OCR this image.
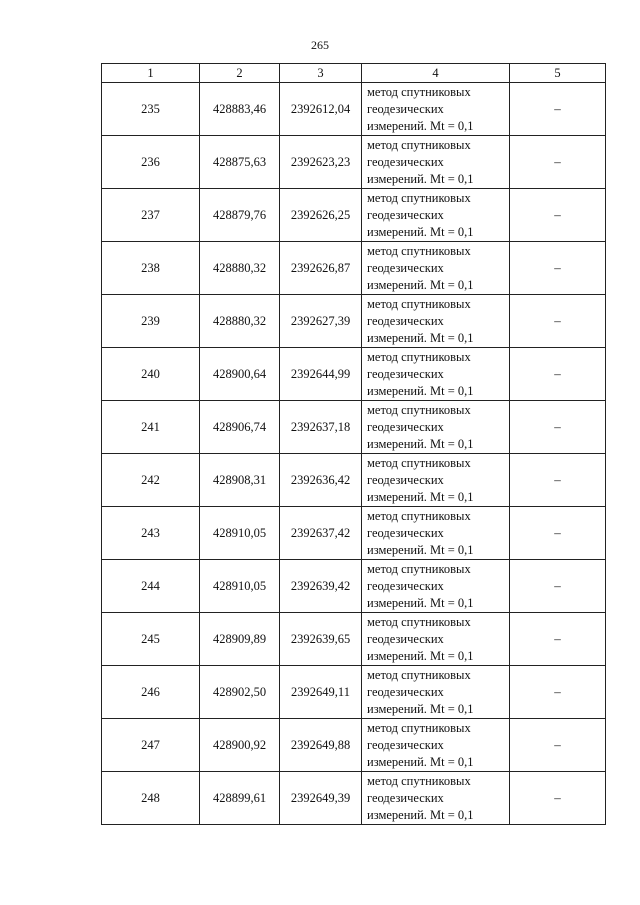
265
1	2	3	4	5
235	428883,46	2392612,04	метод спутниковых
геодезических
измерений. Mt = 0,1	–
236	428875,63	2392623,23	метод спутниковых
геодезических
измерений. Mt = 0,1	–
237	428879,76	2392626,25	метод спутниковых
геодезических
измерений. Mt = 0,1	–
238	428880,32	2392626,87	метод спутниковых
геодезических
измерений. Mt = 0,1	–
239	428880,32	2392627,39	метод спутниковых
геодезических
измерений. Mt = 0,1	–
240	428900,64	2392644,99	метод спутниковых
геодезических
измерений. Mt = 0,1	–
241	428906,74	2392637,18	метод спутниковых
геодезических
измерений. Mt = 0,1	–
242	428908,31	2392636,42	метод спутниковых
геодезических
измерений. Mt = 0,1	–
243	428910,05	2392637,42	метод спутниковых
геодезических
измерений. Mt = 0,1	–
244	428910,05	2392639,42	метод спутниковых
геодезических
измерений. Mt = 0,1	–
245	428909,89	2392639,65	метод спутниковых
геодезических
измерений. Mt = 0,1	–
246	428902,50	2392649,11	метод спутниковых
геодезических
измерений. Mt = 0,1	–
247	428900,92	2392649,88	метод спутниковых
геодезических
измерений. Mt = 0,1	–
248	428899,61	2392649,39	метод спутниковых
геодезических
измерений. Mt = 0,1	–
